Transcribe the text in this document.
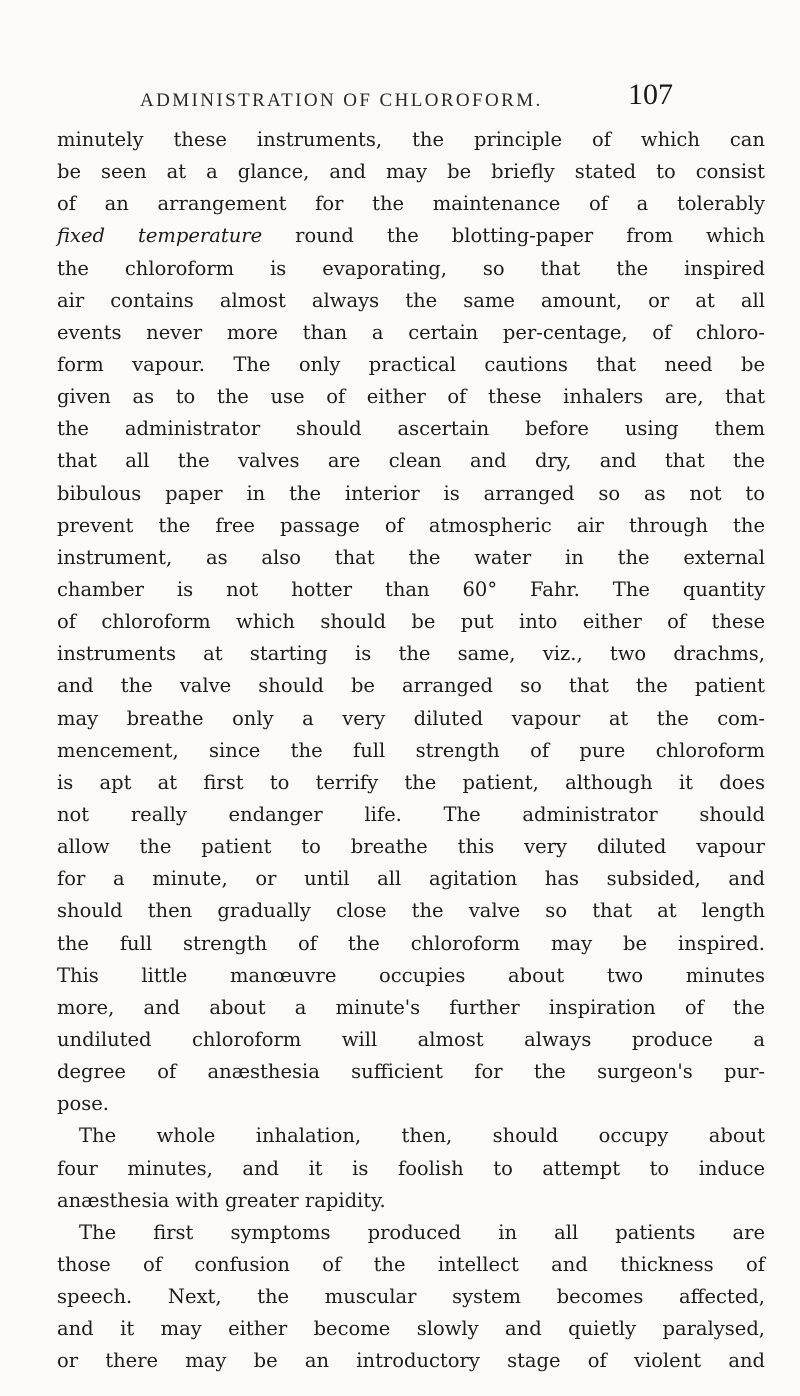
ADMINISTRATION OF CHLOROFORM.	107
minutely these instruments, the principle of which can
be seen at a glance, and may be briefly stated to consist
of an arrangement for the maintenance of a tolerably
fixed temperature round the blotting-paper from which
the chloroform is evaporating, so that the inspired
air contains almost always the same amount, or at all
events never more than a certain per-centage, of chloro-
form vapour. The only practical cautions that need be
given as to the use of either of these inhalers are, that
the administrator should ascertain before using them
that all the valves are clean and dry, and that the
bibulous paper in the interior is arranged so as not to
prevent the free passage of atmospheric air through the
instrument, as also that the water in the external
chamber is not hotter than 60° Fahr. The quantity
of chloroform which should be put into either of these
instruments at starting is the same, viz., two drachms,
and the valve should be arranged so that the patient
may breathe only a very diluted vapour at the com-
mencement, since the full strength of pure chloroform
is apt at first to terrify the patient, although it does
not really endanger life. The administrator should
allow the patient to breathe this very diluted vapour
for a minute, or until all agitation has subsided, and
should then gradually close the valve so that at length
the full strength of the chloroform may be inspired.
This little manœuvre occupies about two minutes
more, and about a minute's further inspiration of the
undiluted chloroform will almost always produce a
degree of anæsthesia sufficient for the surgeon's pur-
pose.
The whole inhalation, then, should occupy about
four minutes, and it is foolish to attempt to induce
anæsthesia with greater rapidity.
The first symptoms produced in all patients are
those of confusion of the intellect and thickness of
speech. Next, the muscular system becomes affected,
and it may either become slowly and quietly paralysed,
or there may be an introductory stage of violent and
